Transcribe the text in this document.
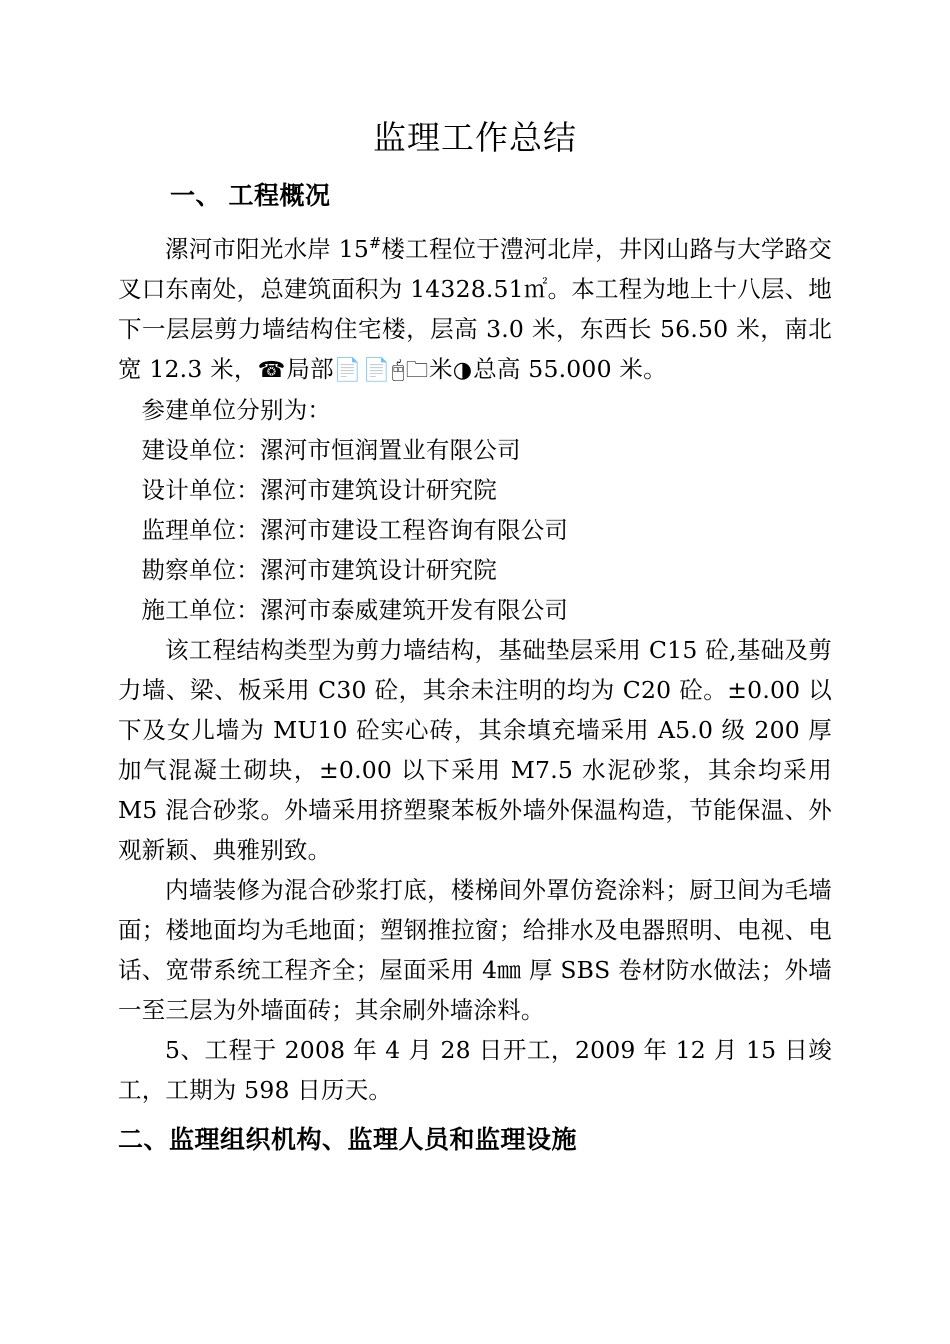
监理工作总结
一、 工程概况

漯河市阳光水岸 15#楼工程位于澧河北岸，井冈山路与大学路交叉口东南处，总建筑面积为 14328.51㎡。本工程为地上十八层、地下一层层剪力墙结构住宅楼，层高 3.0 米，东西长 56.50 米，南北宽 12.3 米，☎局部📄📄🖰🗀米◑总高 55.000 米。

参建单位分别为：

建设单位：漯河市恒润置业有限公司

设计单位：漯河市建筑设计研究院

监理单位：漯河市建设工程咨询有限公司

勘察单位：漯河市建筑设计研究院

施工单位：漯河市泰威建筑开发有限公司

该工程结构类型为剪力墙结构，基础垫层采用 C15 砼,基础及剪力墙、梁、板采用 C30 砼，其余未注明的均为 C20 砼。±0.00 以下及女儿墙为 MU10 砼实心砖，其余填充墙采用 A5.0 级 200 厚加气混凝土砌块，±0.00 以下采用 M7.5 水泥砂浆，其余均采用 M5 混合砂浆。外墙采用挤塑聚苯板外墙外保温构造，节能保温、外观新颖、典雅别致。

内墙装修为混合砂浆打底，楼梯间外罩仿瓷涂料；厨卫间为毛墙面；楼地面均为毛地面；塑钢推拉窗；给排水及电器照明、电视、电话、宽带系统工程齐全；屋面采用 4㎜ 厚 SBS 卷材防水做法；外墙一至三层为外墙面砖；其余刷外墙涂料。

5、工程于 2008 年 4 月 28 日开工，2009 年 12 月 15 日竣工，工期为 598 日历天。

二、监理组织机构、监理人员和监理设施
